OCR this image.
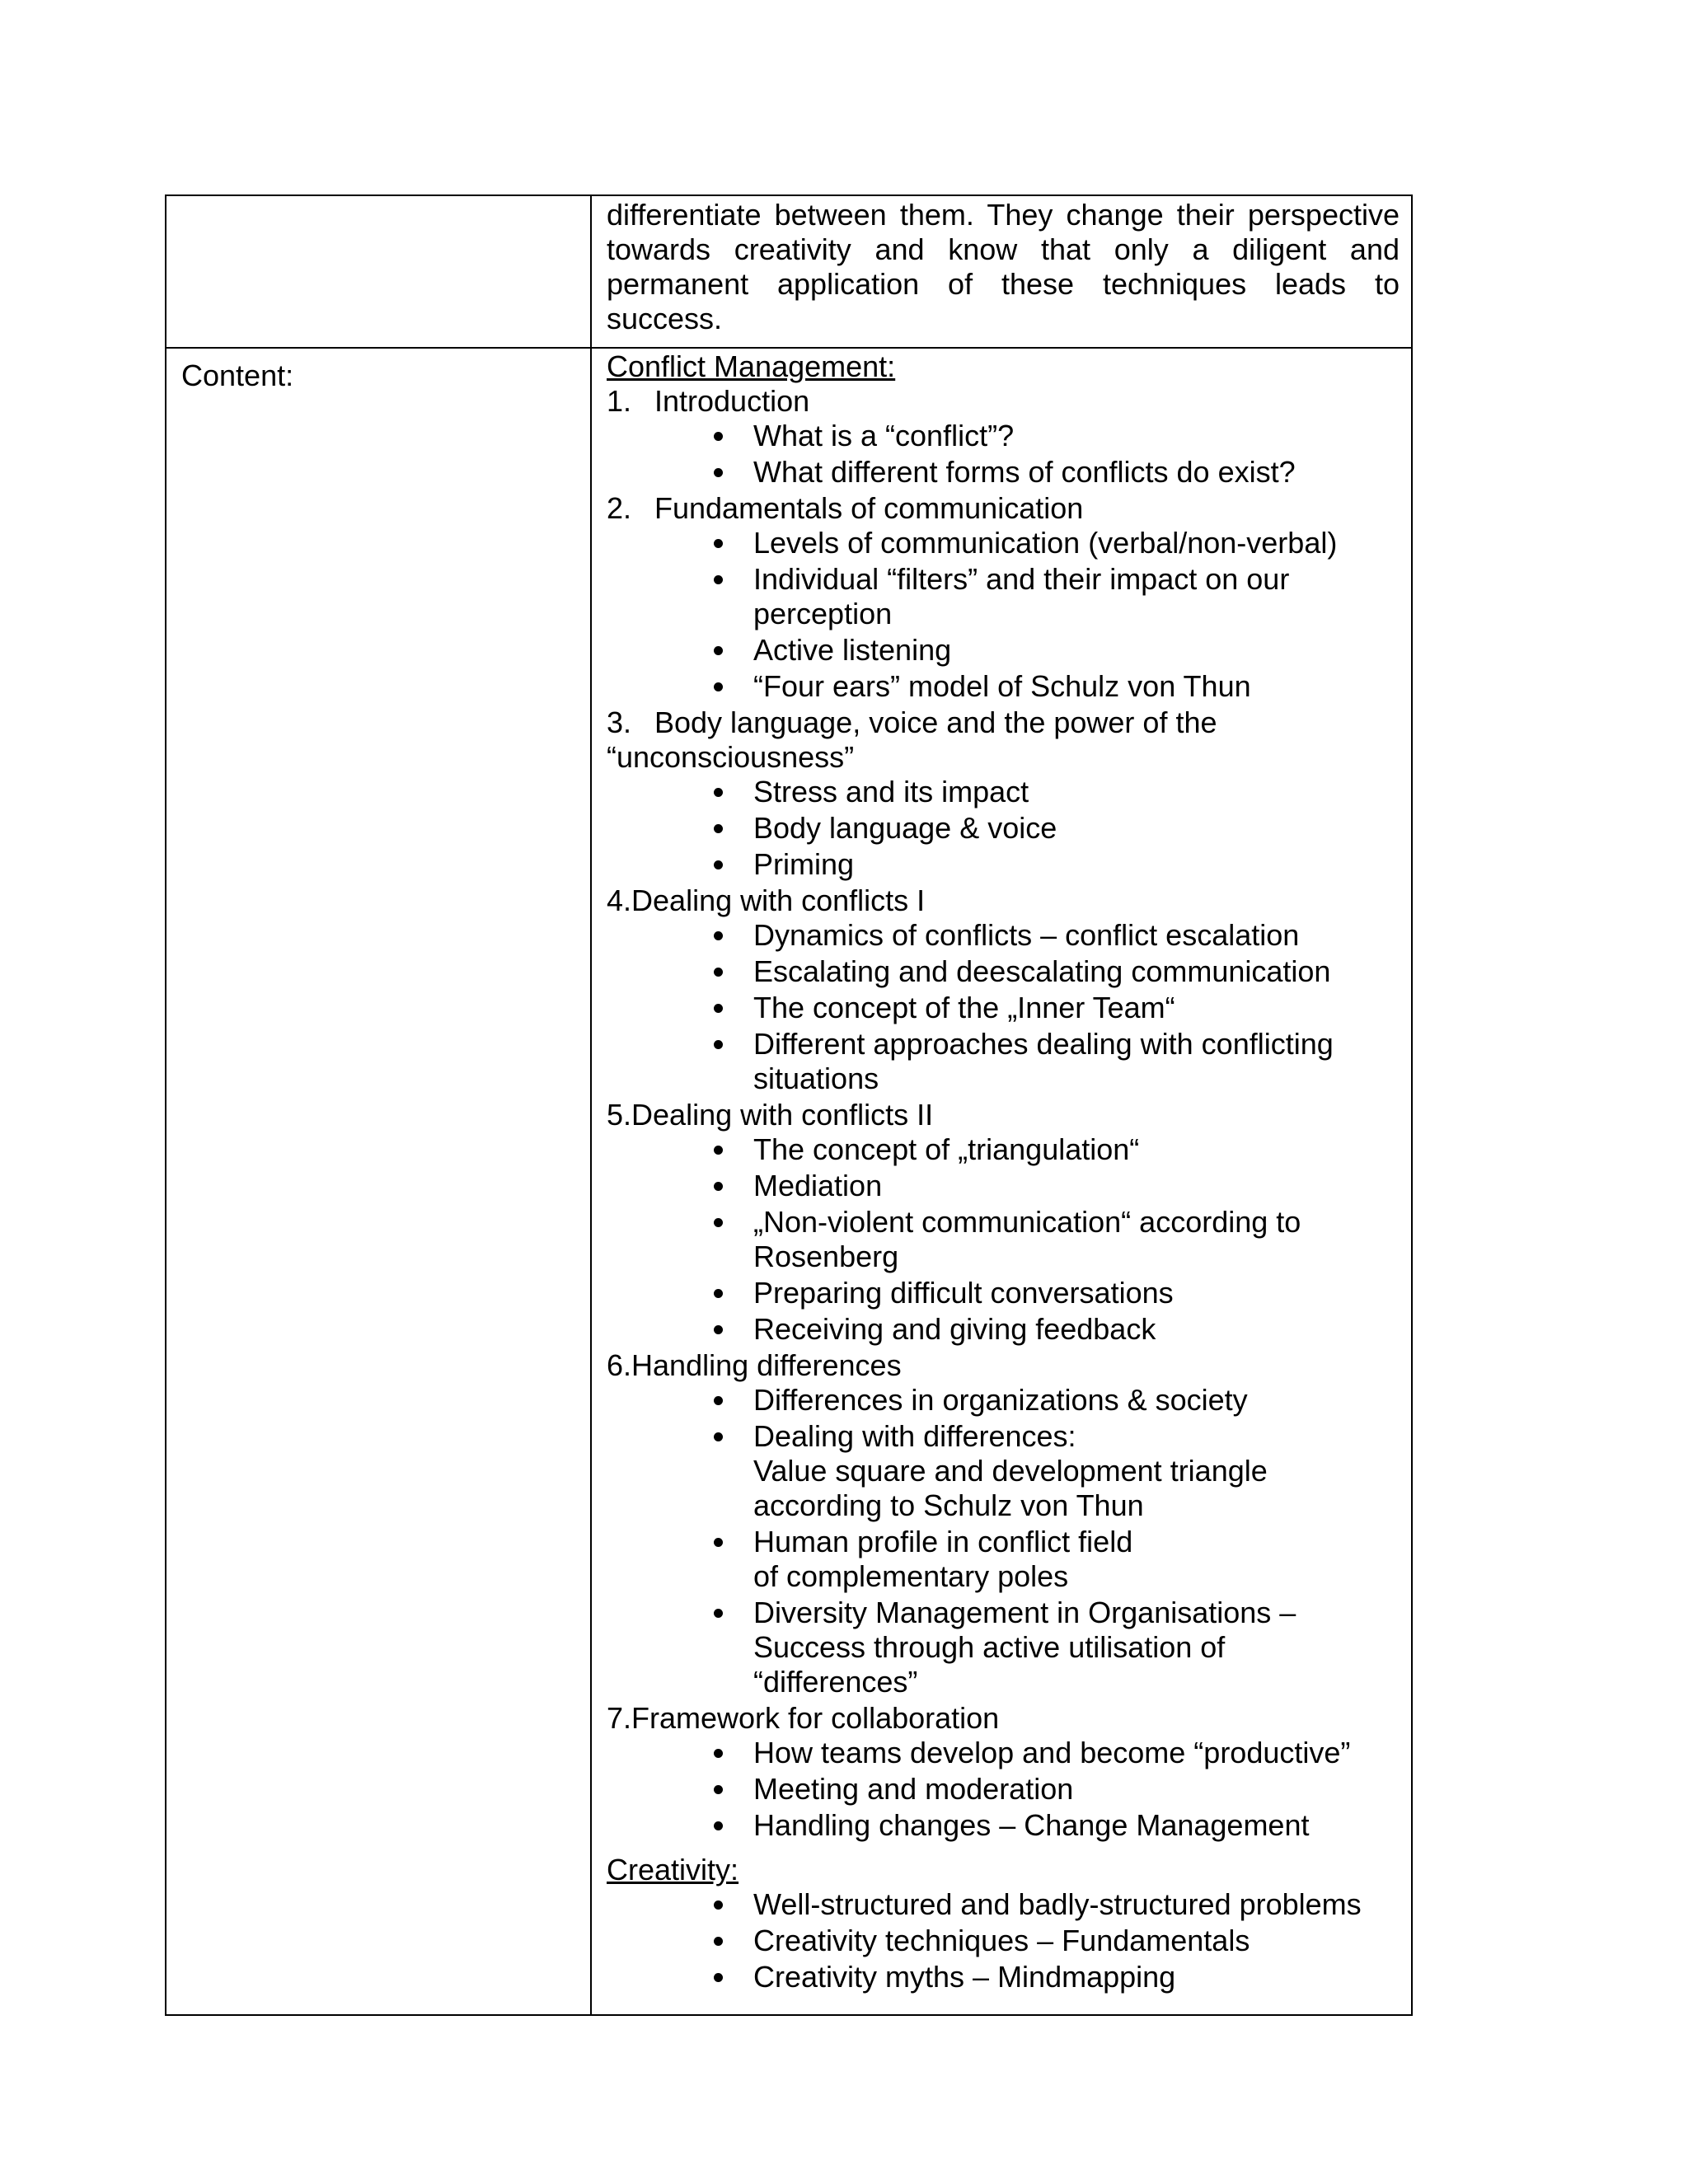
differentiate between them. They change their perspective
towards creativity and know that only a diligent and
permanent application of these techniques leads to
success.
Content:	Conflict Management:
1. Introduction
What is a “conflict”?
What different forms of conflicts do exist?
2. Fundamentals of communication
Levels of communication (verbal/non-verbal)
Individual “filters” and their impact on our perception
Active listening
“Four ears” model of Schulz von Thun
3. Body language, voice and the power of the
“unconsciousness”
Stress and its impact
Body language & voice
Priming
4.Dealing with conflicts I
Dynamics of conflicts – conflict escalation
Escalating and deescalating communication
The concept of the „Inner Team“
Different approaches dealing with conflicting situations
5.Dealing with conflicts II
The concept of „triangulation“
Mediation
„Non-violent communication“ according to Rosenberg
Preparing difficult conversations
Receiving and giving feedback
6.Handling differences
Differences in organizations & society
Dealing with differences:
Value square and development triangle
according to Schulz von Thun
Human profile in conflict field
of complementary poles
Diversity Management in Organisations –
Success through active utilisation of
“differences”
7.Framework for collaboration
How teams develop and become “productive”
Meeting and moderation
Handling changes – Change Management
Creativity:
Well-structured and badly-structured problems
Creativity techniques – Fundamentals
Creativity myths – Mindmapping
